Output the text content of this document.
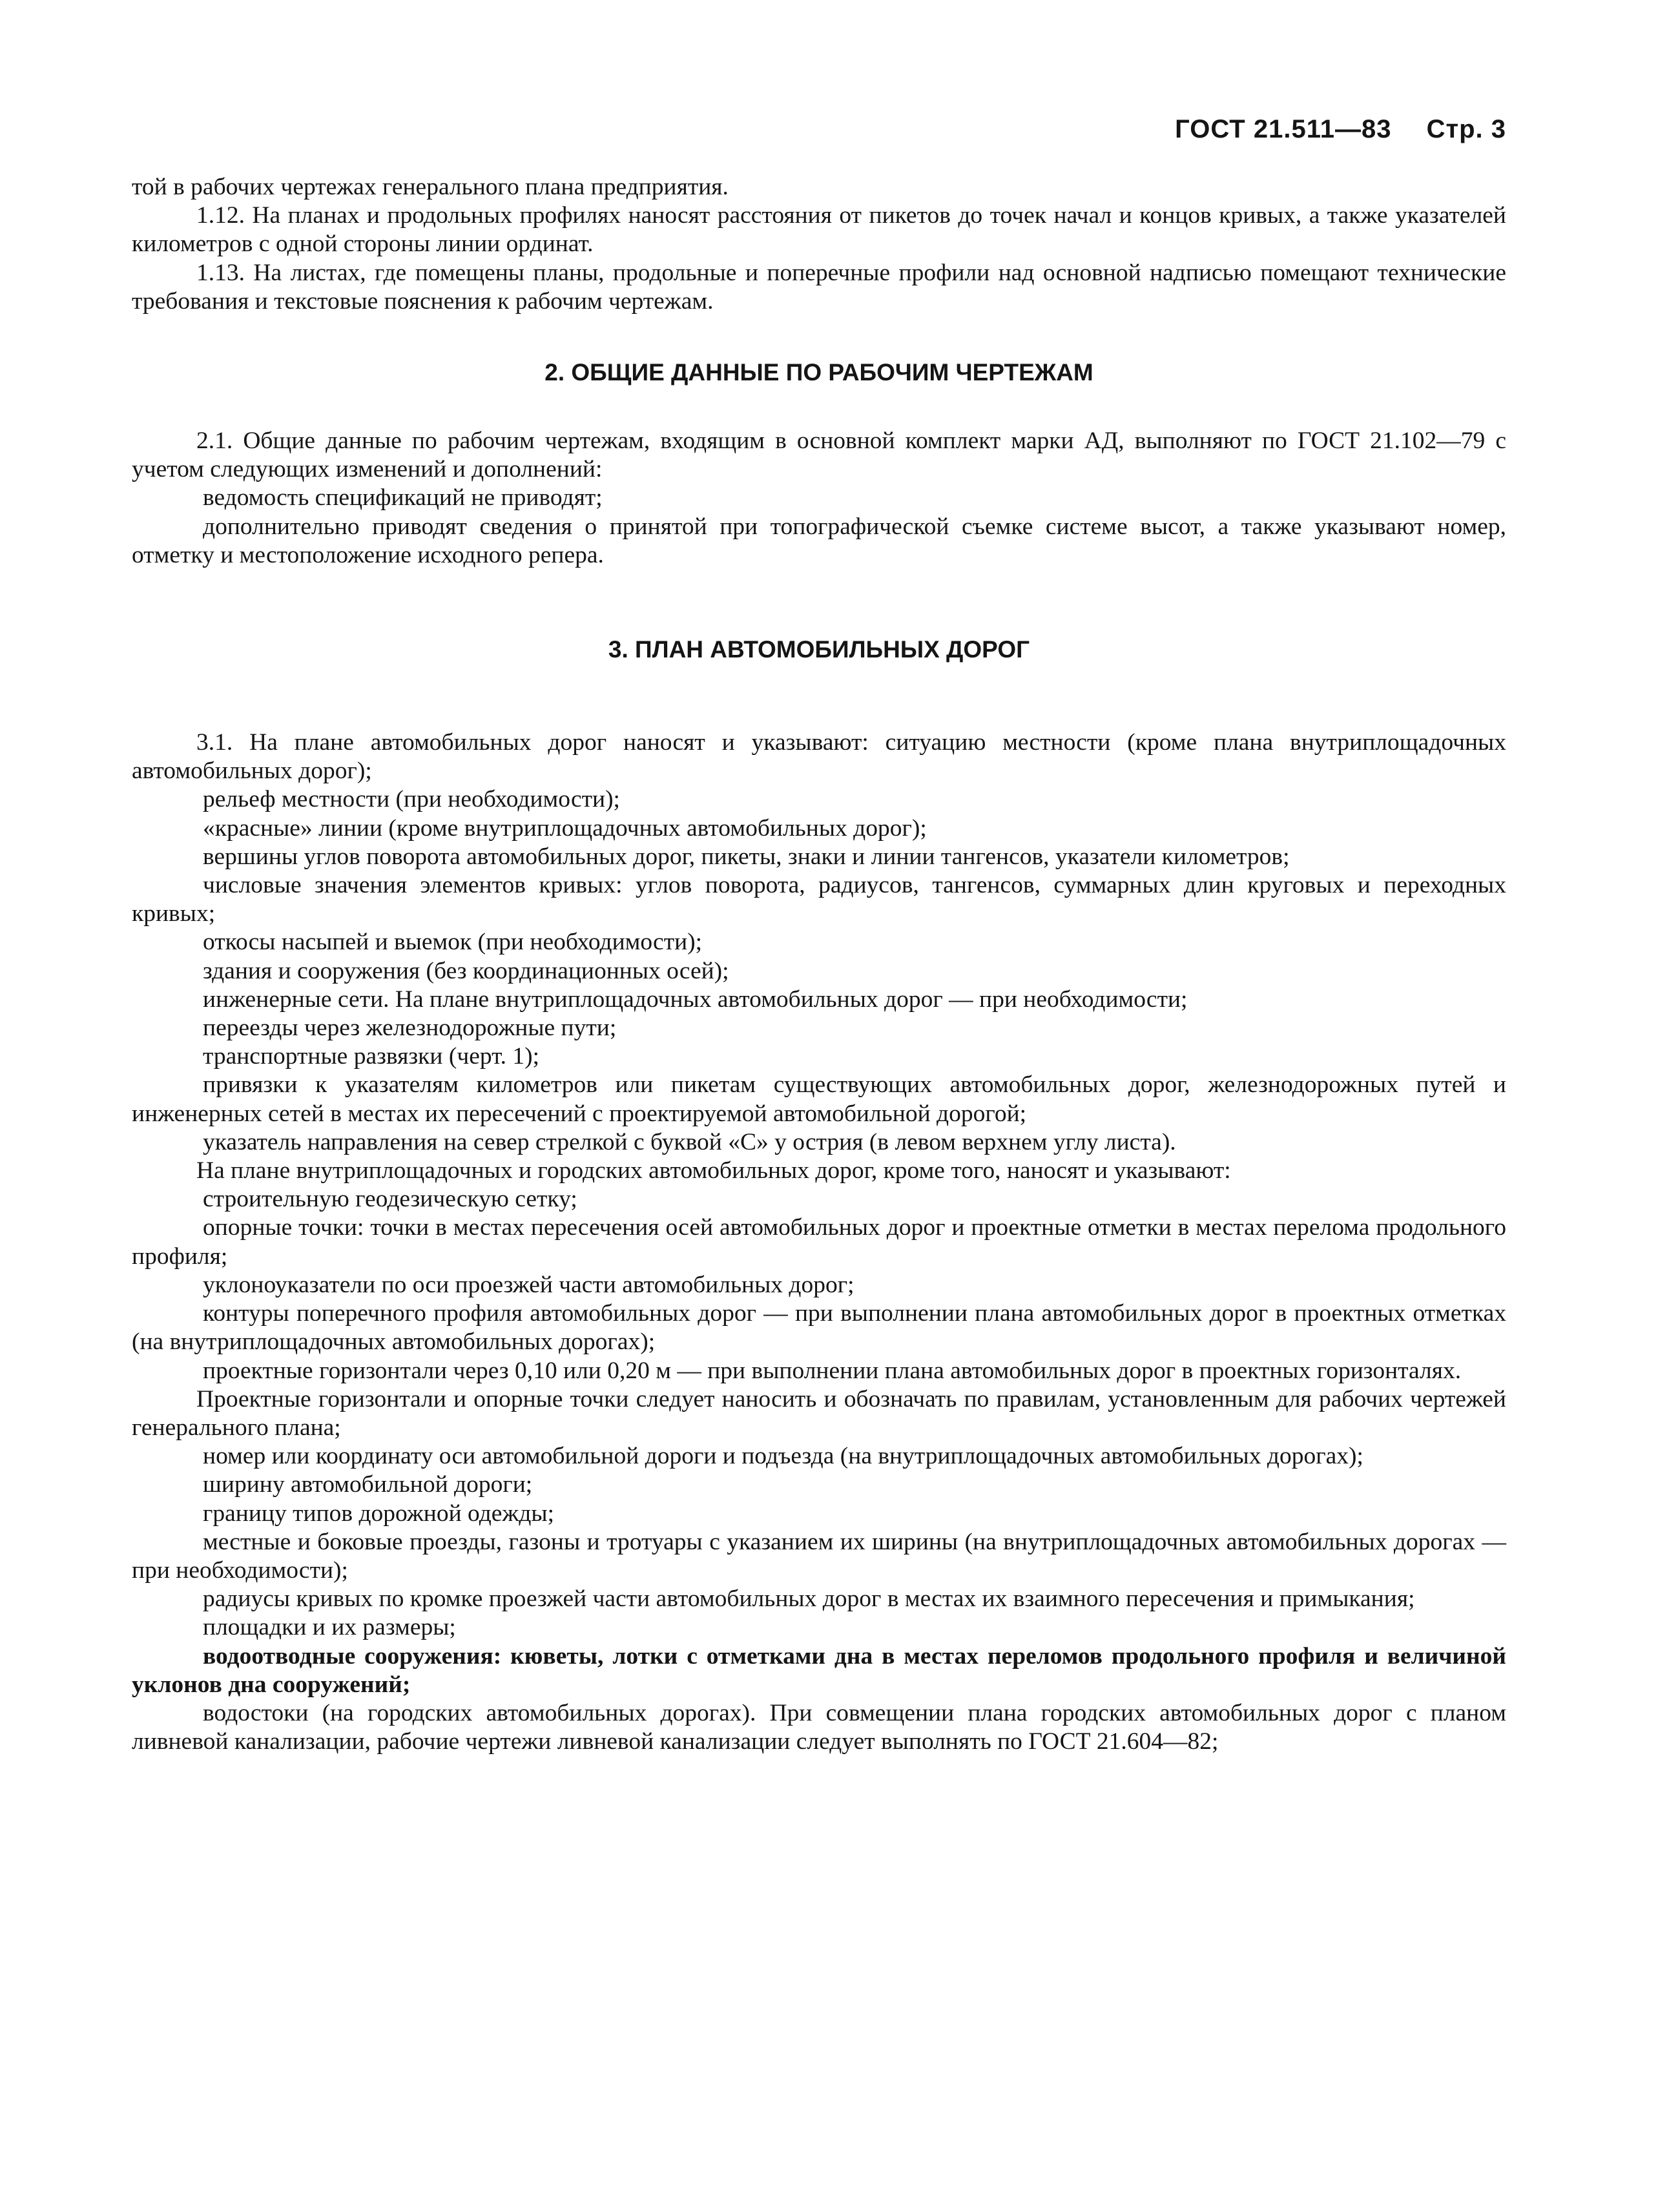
ГОСТ 21.511—83 Стр. 3

той в рабочих чертежах генерального плана предприятия.

1.12. На планах и продольных профилях наносят расстояния от пикетов до точек начал и концов кривых, а также указателей километров с одной стороны линии ординат.

1.13. На листах, где помещены планы, продольные и поперечные профили над основной надписью помещают технические требования и текстовые пояснения к рабочим чертежам.

2. ОБЩИЕ ДАННЫЕ ПО РАБОЧИМ ЧЕРТЕЖАМ

2.1. Общие данные по рабочим чертежам, входящим в основной комплект марки АД, выполняют по ГОСТ 21.102—79 с учетом следующих изменений и дополнений:

ведомость спецификаций не приводят;

дополнительно приводят сведения о принятой при топографической съемке системе высот, а также указывают номер, отметку и местоположение исходного репера.

3. ПЛАН АВТОМОБИЛЬНЫХ ДОРОГ

3.1. На плане автомобильных дорог наносят и указывают: ситуацию местности (кроме плана внутриплощадочных автомобильных дорог);

рельеф местности (при необходимости);

«красные» линии (кроме внутриплощадочных автомобильных дорог);

вершины углов поворота автомобильных дорог, пикеты, знаки и линии тангенсов, указатели километров;

числовые значения элементов кривых: углов поворота, радиусов, тангенсов, суммарных длин круговых и переходных кривых;

откосы насыпей и выемок (при необходимости);

здания и сооружения (без координационных осей);

инженерные сети. На плане внутриплощадочных автомобильных дорог — при необходимости;

переезды через железнодорожные пути;

транспортные развязки (черт. 1);

привязки к указателям километров или пикетам существующих автомобильных дорог, железнодорожных путей и инженерных сетей в местах их пересечений с проектируемой автомобильной дорогой;

указатель направления на север стрелкой с буквой «С» у острия (в левом верхнем углу листа).

На плане внутриплощадочных и городских автомобильных дорог, кроме того, наносят и указывают:

строительную геодезическую сетку;

опорные точки: точки в местах пересечения осей автомобильных дорог и проектные отметки в местах перелома продольного профиля;

уклоноуказатели по оси проезжей части автомобильных дорог;

контуры поперечного профиля автомобильных дорог — при выполнении плана автомобильных дорог в проектных отметках (на внутриплощадочных автомобильных дорогах);

проектные горизонтали через 0,10 или 0,20 м — при выполнении плана автомобильных дорог в проектных горизонталях.

Проектные горизонтали и опорные точки следует наносить и обозначать по правилам, установленным для рабочих чертежей генерального плана;

номер или координату оси автомобильной дороги и подъезда (на внутриплощадочных автомобильных дорогах);

ширину автомобильной дороги;

границу типов дорожной одежды;

местные и боковые проезды, газоны и тротуары с указанием их ширины (на внутриплощадочных автомобильных дорогах — при необходимости);

радиусы кривых по кромке проезжей части автомобильных дорог в местах их взаимного пересечения и примыкания;

площадки и их размеры;

водоотводные сооружения: кюветы, лотки с отметками дна в местах переломов продольного профиля и величиной уклонов дна сооружений;

водостоки (на городских автомобильных дорогах). При совмещении плана городских автомобильных дорог с планом ливневой канализации, рабочие чертежи ливневой канализации следует выполнять по ГОСТ 21.604—82;
